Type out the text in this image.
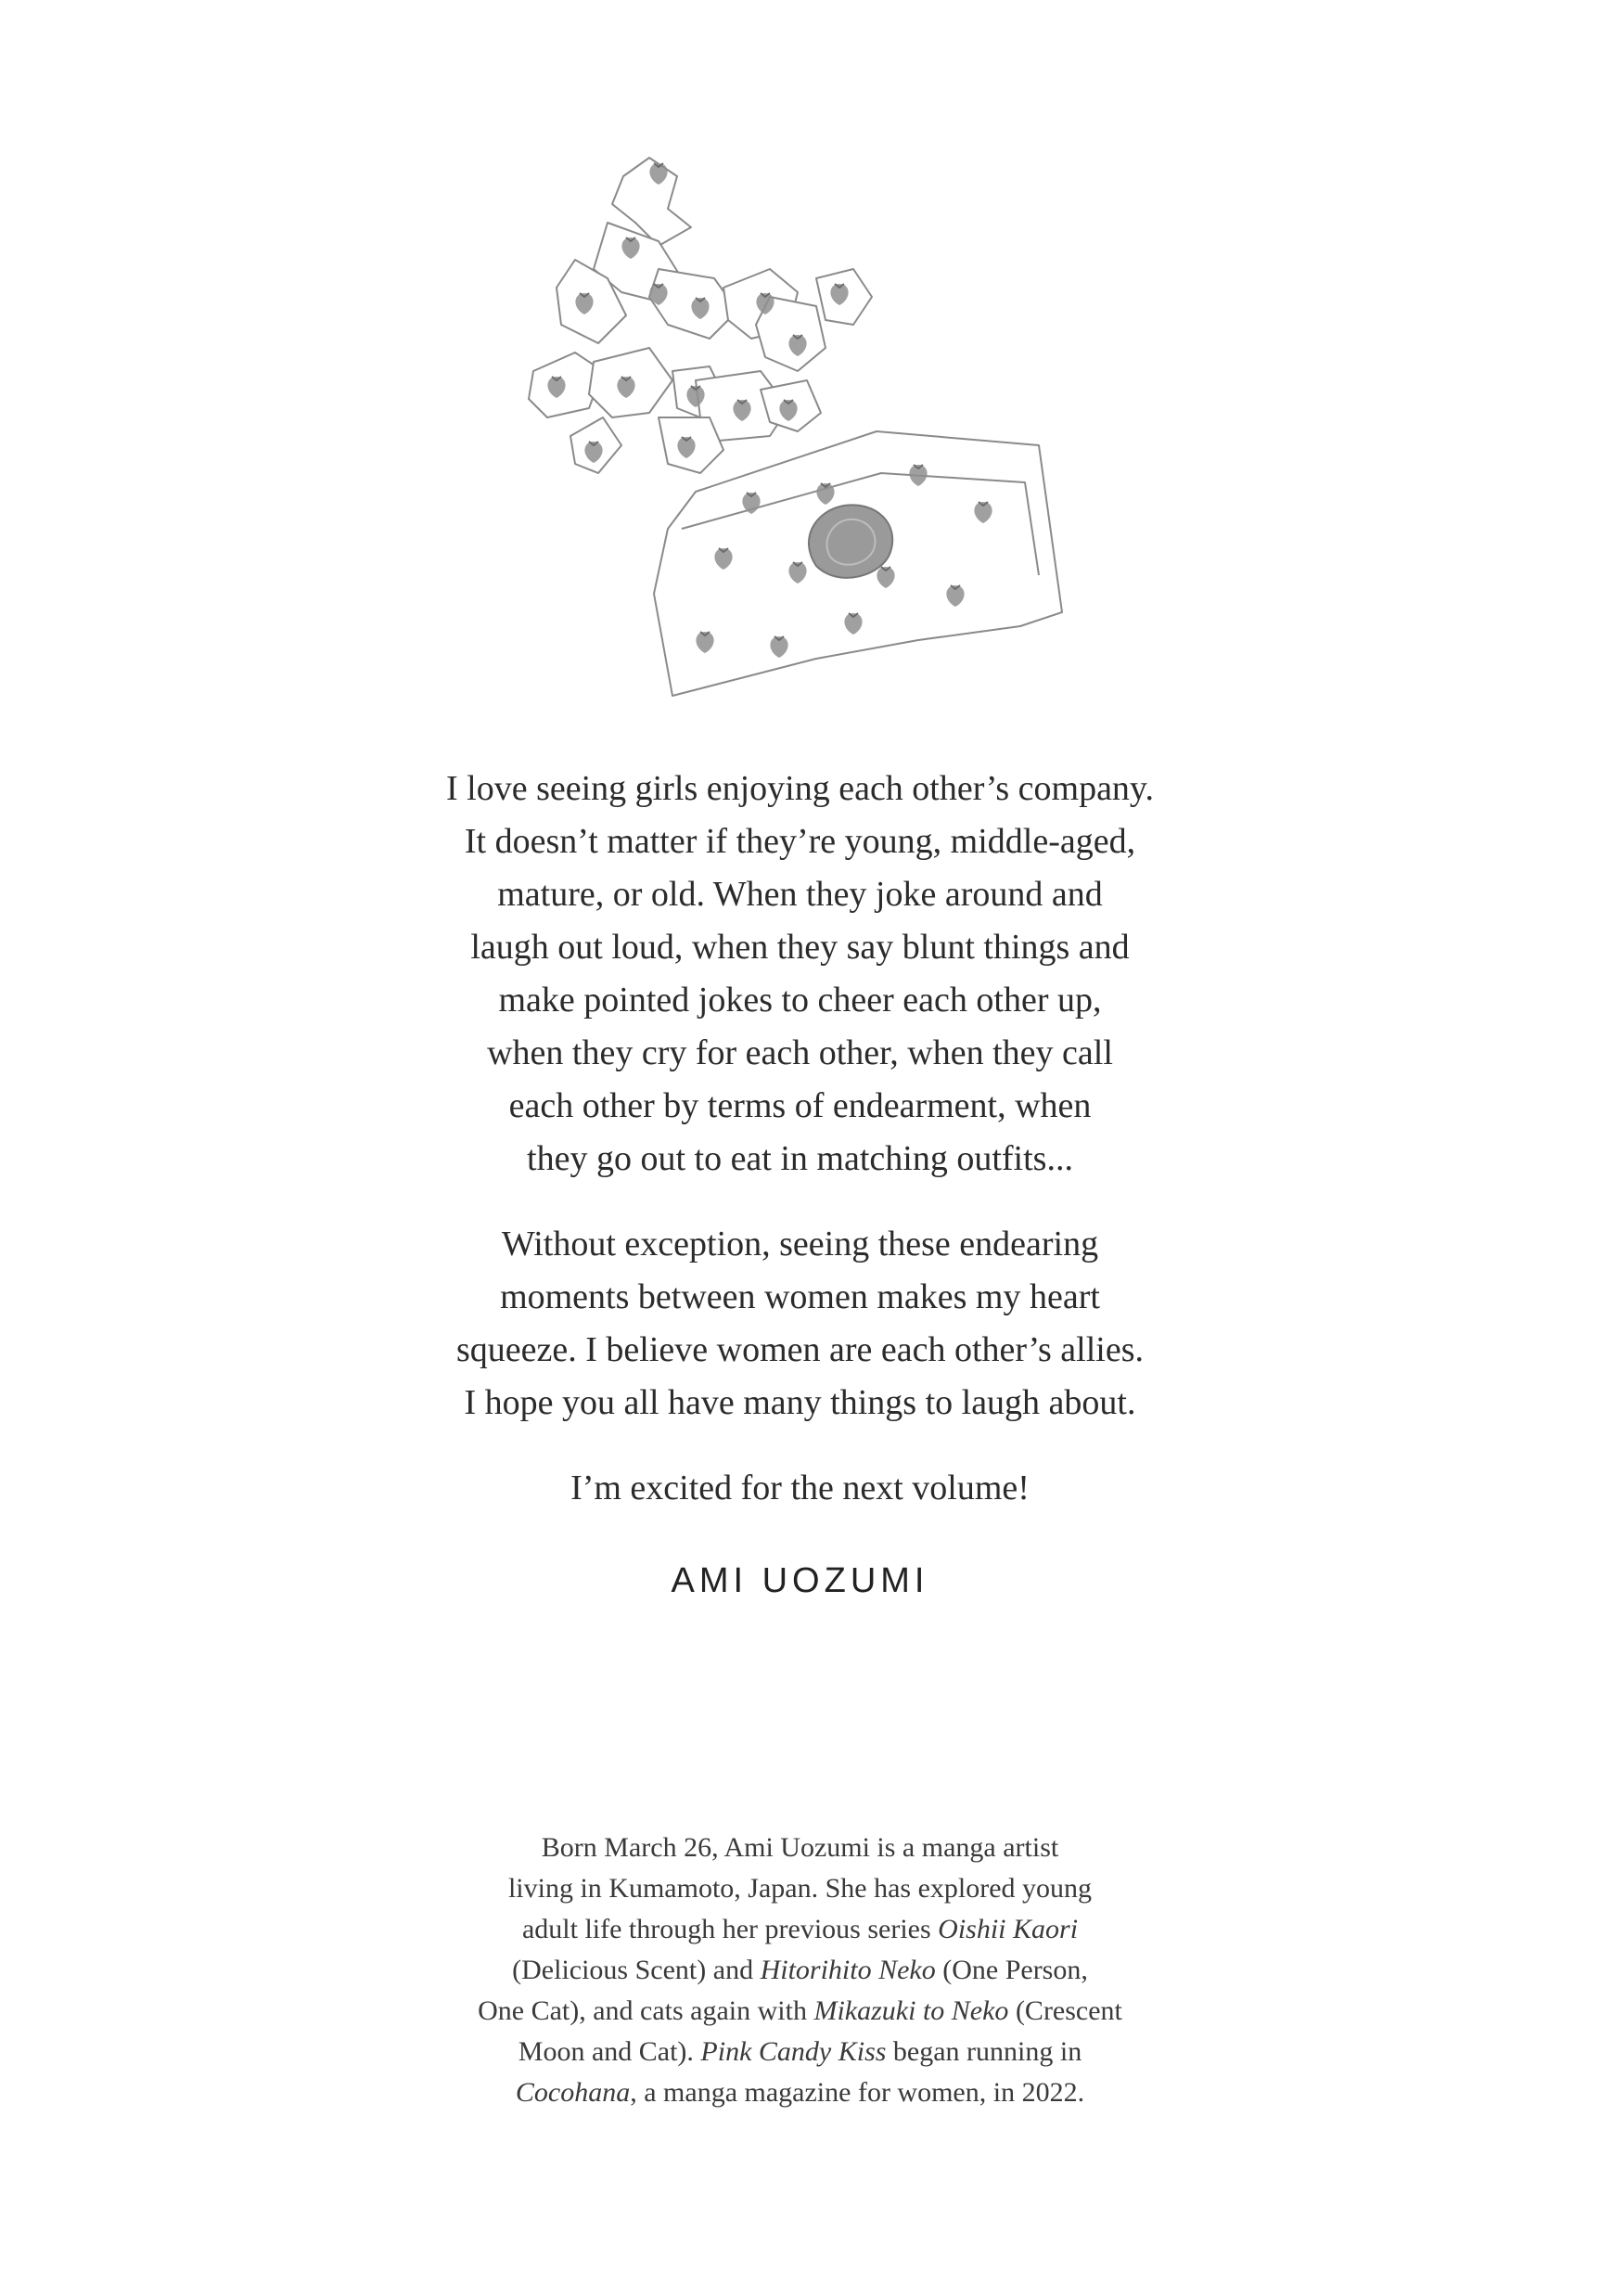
I love seeing girls enjoying each other’s company.
It doesn’t matter if they’re young, middle-aged,
mature, or old. When they joke around and
laugh out loud, when they say blunt things and
make pointed jokes to cheer each other up,
when they cry for each other, when they call
each other by terms of endearment, when
they go out to eat in matching outfits...

Without exception, seeing these endearing
moments between women makes my heart
squeeze. I believe women are each other’s allies.
I hope you all have many things to laugh about.

I’m excited for the next volume!

AMI UOZUMI
Born March 26, Ami Uozumi is a manga artist
living in Kumamoto, Japan. She has explored young
adult life through her previous series Oishii Kaori
(Delicious Scent) and Hitorihito Neko (One Person,
One Cat), and cats again with Mikazuki to Neko (Crescent
Moon and Cat). Pink Candy Kiss began running in
Cocohana, a manga magazine for women, in 2022.
